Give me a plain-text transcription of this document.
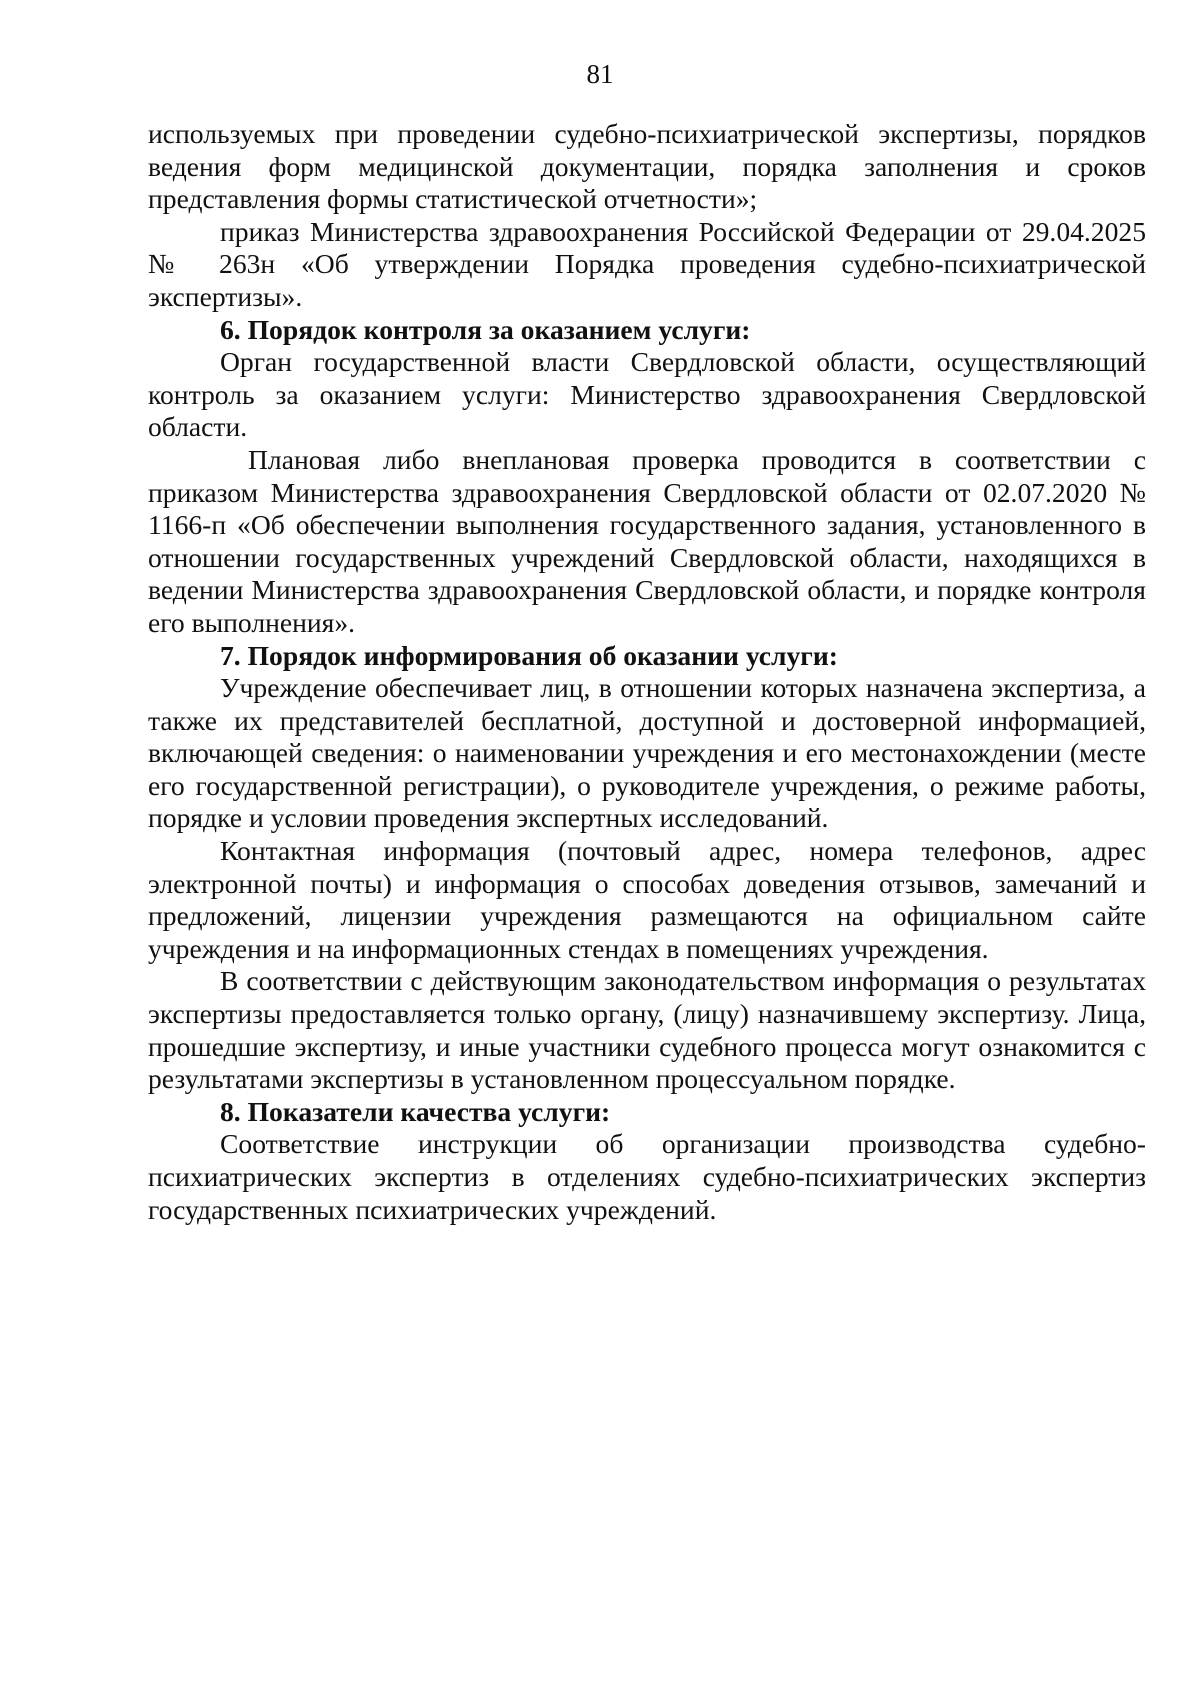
81

используемых при проведении судебно-психиатрической экспертизы, порядков ведения форм медицинской документации, порядка заполнения и сроков представления формы статистической отчетности»;

приказ Министерства здравоохранения Российской Федерации от 29.04.2025 № 263н «Об утверждении Порядка проведения судебно-психиатрической экспертизы».

6. Порядок контроля за оказанием услуги:

Орган государственной власти Свердловской области, осуществляющий контроль за оказанием услуги: Министерство здравоохранения Свердловской области.

Плановая либо внеплановая проверка проводится в соответствии с приказом Министерства здравоохранения Свердловской области от 02.07.2020 № 1166-п «Об обеспечении выполнения государственного задания, установленного в отношении государственных учреждений Свердловской области, находящихся в ведении Министерства здравоохранения Свердловской области, и порядке контроля его выполнения».

7. Порядок информирования об оказании услуги:

Учреждение обеспечивает лиц, в отношении которых назначена экспертиза, а также их представителей бесплатной, доступной и достоверной информацией, включающей сведения: о наименовании учреждения и его местонахождении (месте его государственной регистрации), о руководителе учреждения, о режиме работы, порядке и условии проведения экспертных исследований.

Контактная информация (почтовый адрес, номера телефонов, адрес электронной почты) и информация о способах доведения отзывов, замечаний и предложений, лицензии учреждения размещаются на официальном сайте учреждения и на информационных стендах в помещениях учреждения.

В соответствии с действующим законодательством информация о результатах экспертизы предоставляется только органу, (лицу) назначившему экспертизу. Лица, прошедшие экспертизу, и иные участники судебного процесса могут ознакомится с результатами экспертизы в установленном процессуальном порядке.

8. Показатели качества услуги:

Соответствие инструкции об организации производства судебно-психиатрических экспертиз в отделениях судебно-психиатрических экспертиз государственных психиатрических учреждений.
